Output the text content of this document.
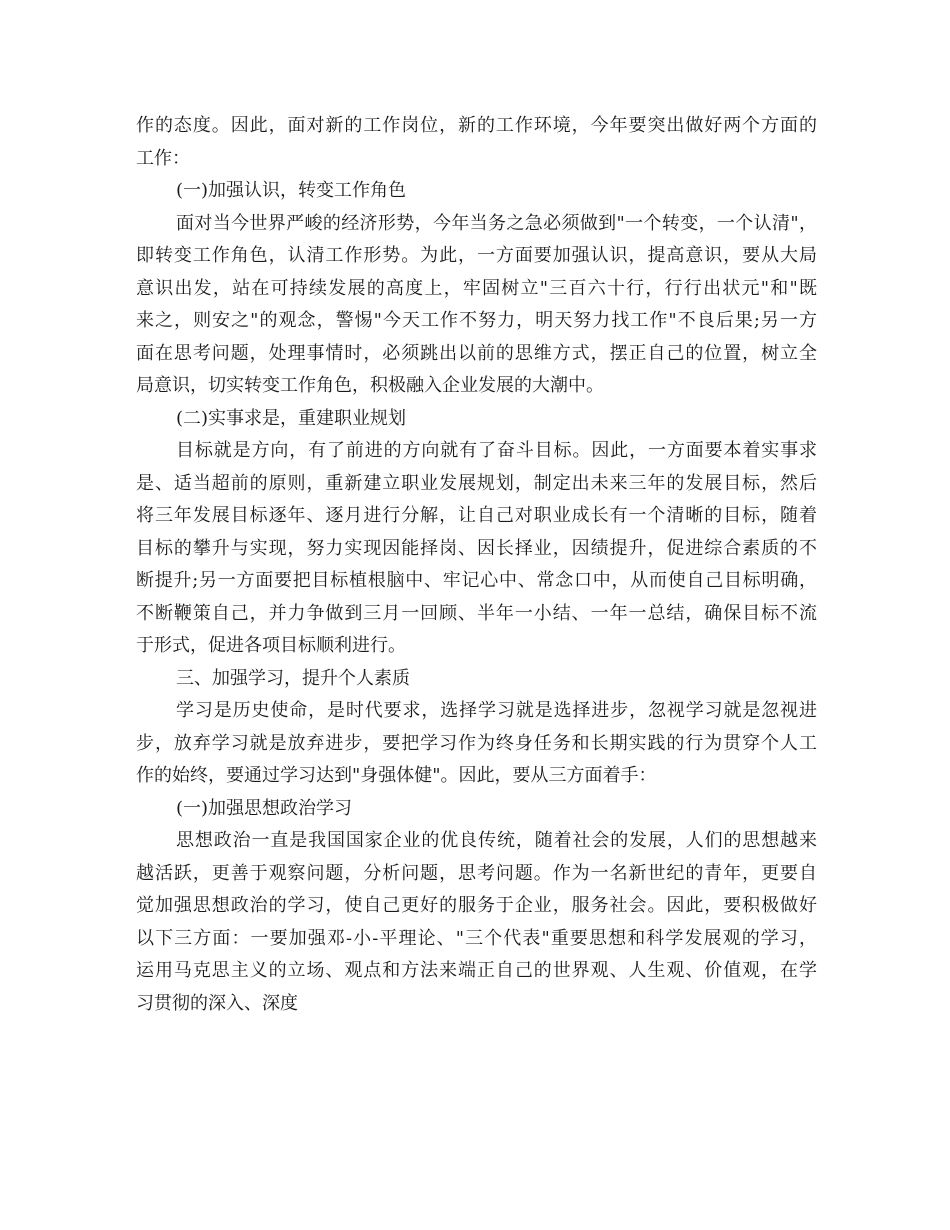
作的态度。因此，面对新的工作岗位，新的工作环境，今年要突出做好两个方面的
工作：
(一)加强认识，转变工作角色
面对当今世界严峻的经济形势，今年当务之急必须做到"一个转变，一个认清"，
即转变工作角色，认清工作形势。为此，一方面要加强认识，提高意识，要从大局
意识出发，站在可持续发展的高度上，牢固树立"三百六十行，行行出状元"和"既
来之，则安之"的观念，警惕"今天工作不努力，明天努力找工作"不良后果;另一方
面在思考问题，处理事情时，必须跳出以前的思维方式，摆正自己的位置，树立全
局意识，切实转变工作角色，积极融入企业发展的大潮中。
(二)实事求是，重建职业规划
目标就是方向，有了前进的方向就有了奋斗目标。因此，一方面要本着实事求
是、适当超前的原则，重新建立职业发展规划，制定出未来三年的发展目标，然后
将三年发展目标逐年、逐月进行分解，让自己对职业成长有一个清晰的目标，随着
目标的攀升与实现，努力实现因能择岗、因长择业，因绩提升，促进综合素质的不
断提升;另一方面要把目标植根脑中、牢记心中、常念口中，从而使自己目标明确，
不断鞭策自己，并力争做到三月一回顾、半年一小结、一年一总结，确保目标不流
于形式，促进各项目标顺利进行。
三、加强学习，提升个人素质
学习是历史使命，是时代要求，选择学习就是选择进步，忽视学习就是忽视进
步，放弃学习就是放弃进步，要把学习作为终身任务和长期实践的行为贯穿个人工
作的始终，要通过学习达到"身强体健"。因此，要从三方面着手：
(一)加强思想政治学习
思想政治一直是我国国家企业的优良传统，随着社会的发展，人们的思想越来
越活跃，更善于观察问题，分析问题，思考问题。作为一名新世纪的青年，更要自
觉加强思想政治的学习，使自己更好的服务于企业，服务社会。因此，要积极做好
以下三方面：一要加强邓-小-平理论、"三个代表"重要思想和科学发展观的学习，
运用马克思主义的立场、观点和方法来端正自己的世界观、人生观、价值观，在学
习贯彻的深入、深度
